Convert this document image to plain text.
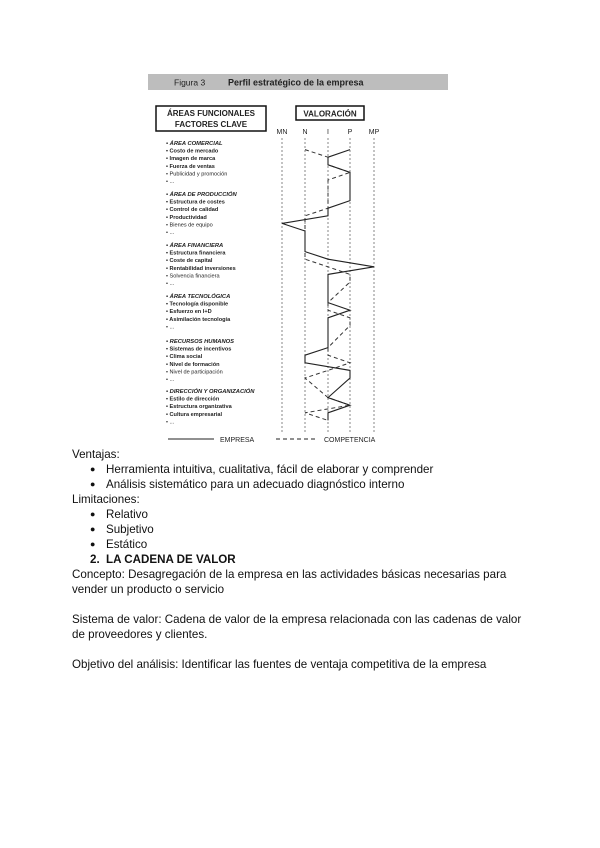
Figura 3	Perfil estratégico de la empresa
ÁREAS FUNCIONALES
FACTORES CLAVE
VALORACIÓN
MN N	I	P MP
• ÁREA COMERCIAL
• Costo de mercado
• Imagen de marca
• Fuerza de ventas
• Publicidad y promoción
• ...
• ÁREA DE PRODUCCIÓN
• Estructura de costes
• Control de calidad
• Productividad
• Bienes de equipo
• ...
• ÁREA FINANCIERA
• Estructura financiera
• Coste de capital
• Rentabilidad inversiones
• Solvencia financiera
• ...
• ÁREA TECNOLÓGICA
• Tecnología disponible
• Esfuerzo en I+D
• Asimilación tecnología
• ...
• RECURSOS HUMANOS
• Sistemas de incentivos
• Clima social
• Nivel de formación
• Nivel de participación
• ...
• DIRECCIÓN Y ORGANIZACIÓN
• Estilo de dirección
• Estructura organizativa
• Cultura empresarial
• ...
EMPRESA	COMPETENCIA

Ventajas:

● Herramienta intuitiva, cualitativa, fácil de elaborar y comprender
● Análisis sistemático para un adecuado diagnóstico interno

Limitaciones:

● Relativo
● Subjetivo
● Estático

2. LA CADENA DE VALOR

Concepto: Desagregación de la empresa en las actividades básicas necesarias para vender un producto o servicio

Sistema de valor: Cadena de valor de la empresa relacionada con las cadenas de valor de proveedores y clientes.

Objetivo del análisis: Identificar las fuentes de ventaja competitiva de la empresa
